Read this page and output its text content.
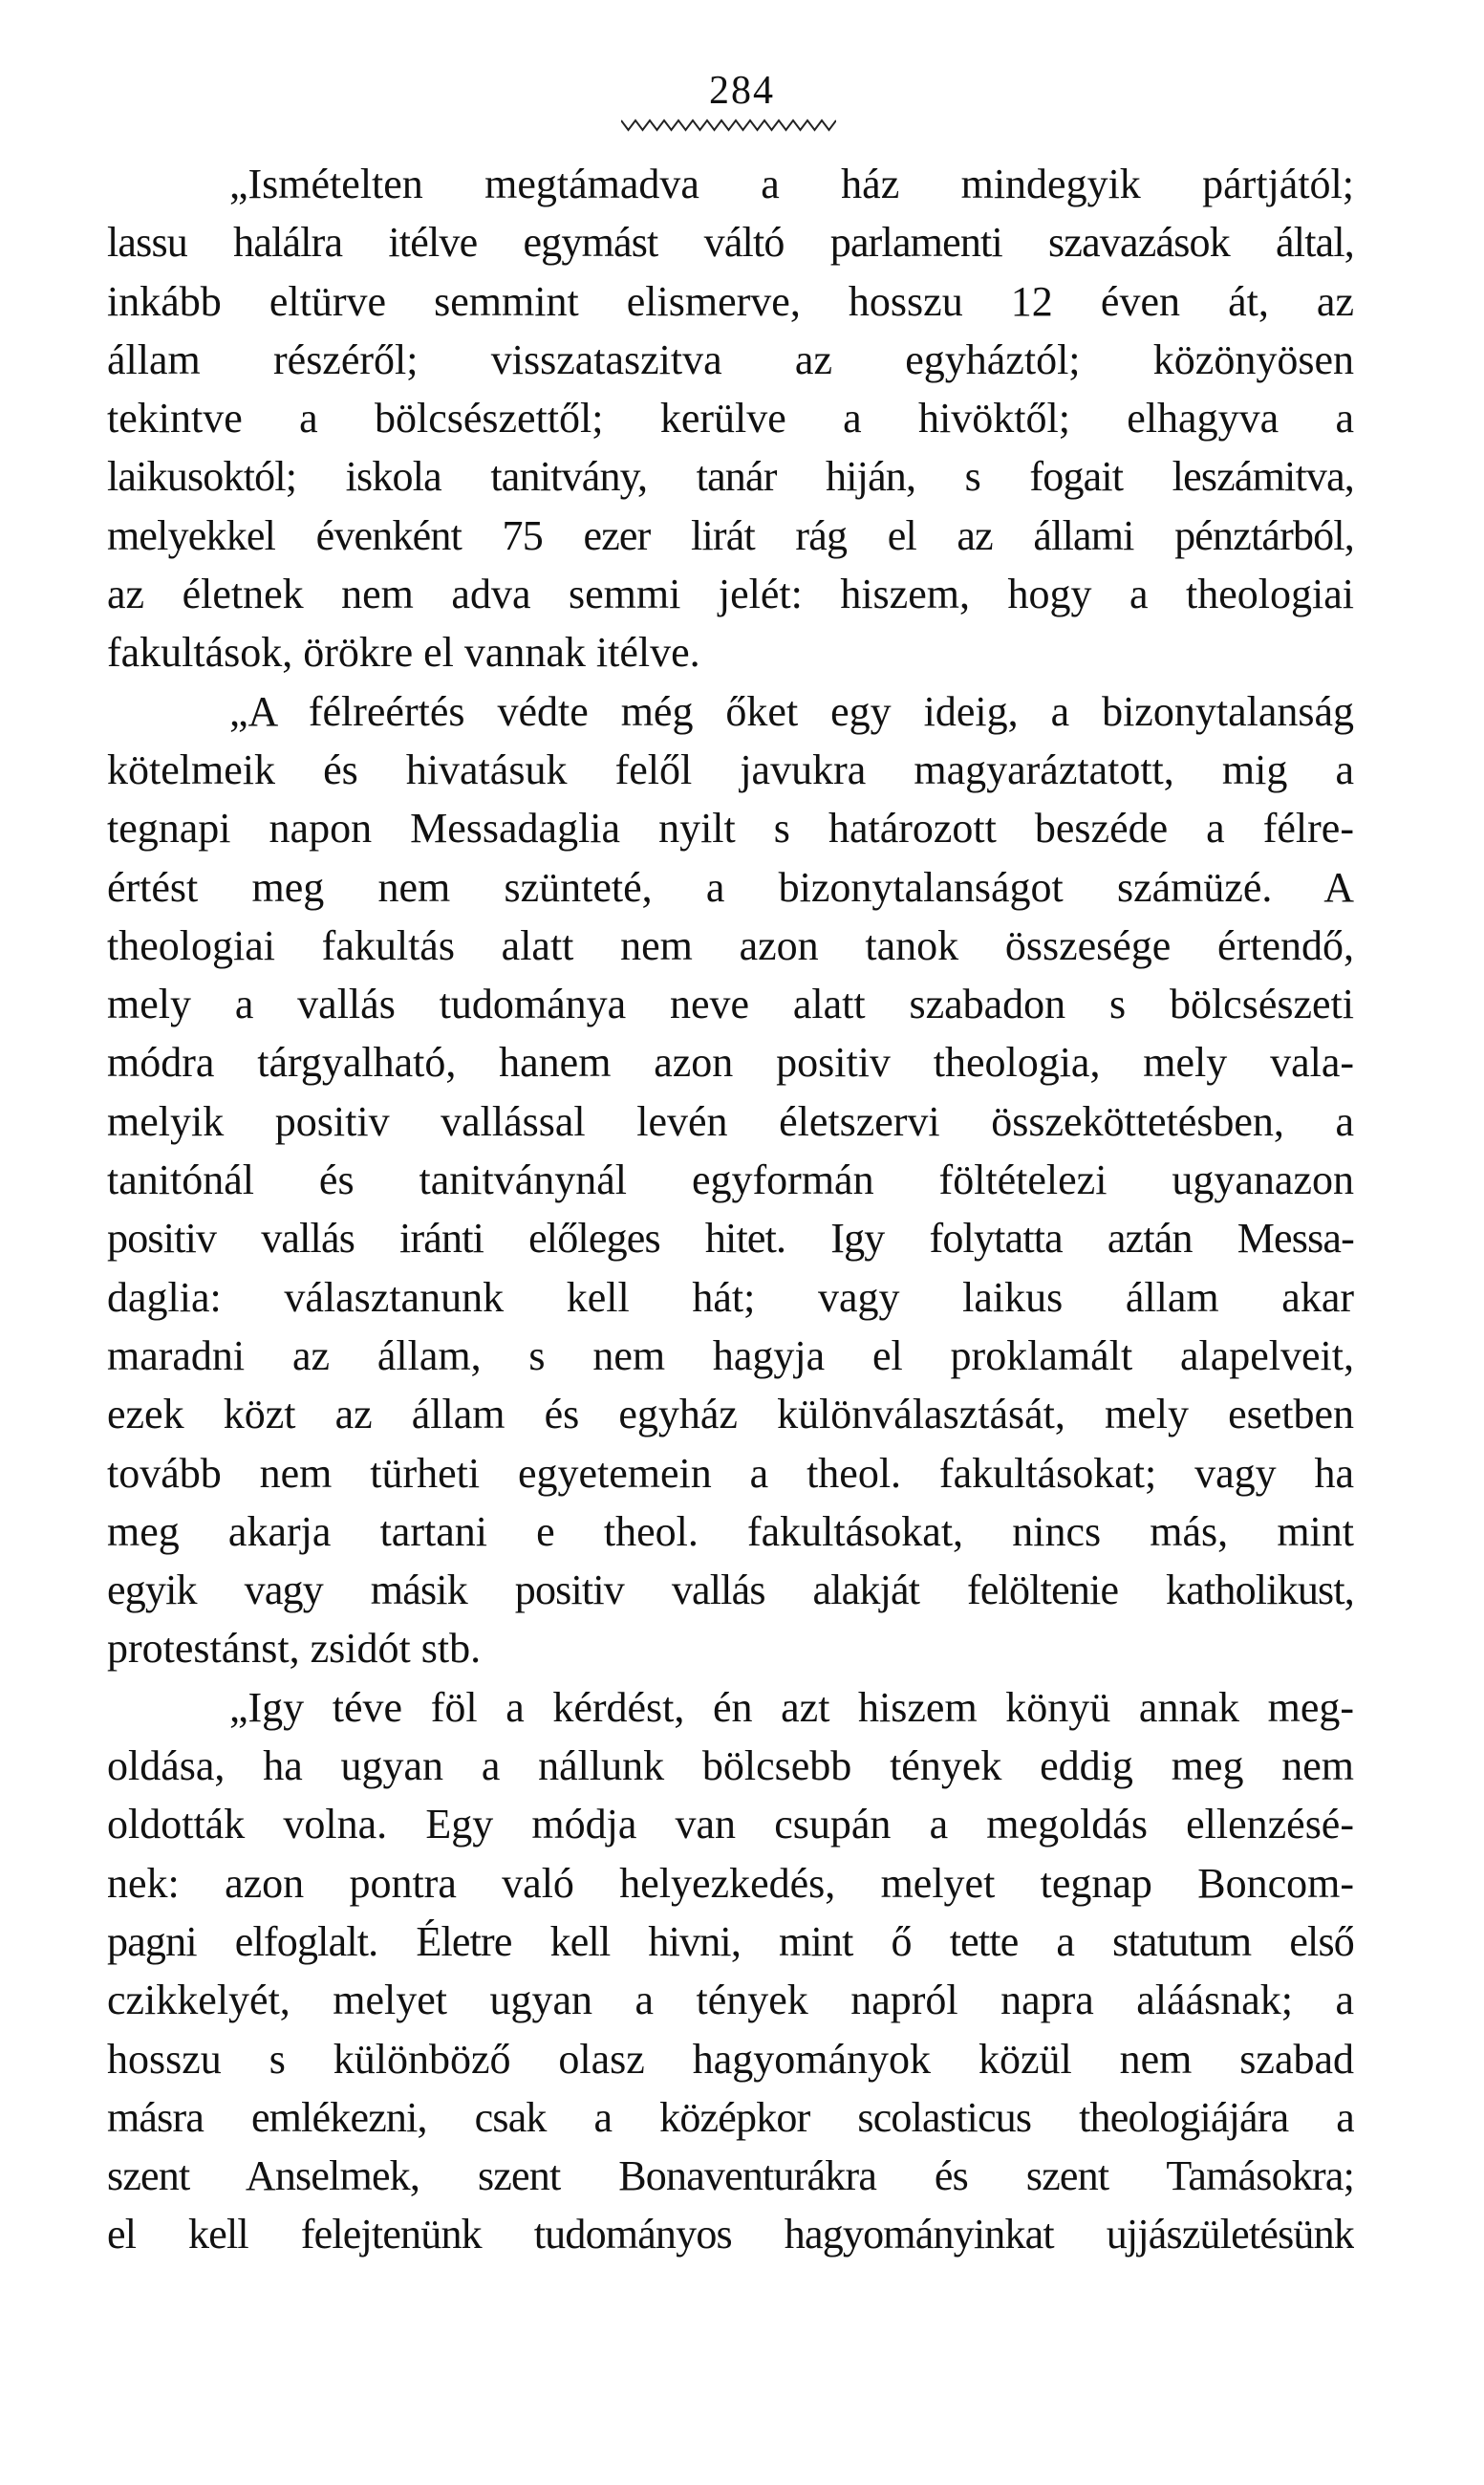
284
„Ismételten megtámadva a ház mindegyik pártjától;
lassu halálra itélve egymást váltó parlamenti szavazások által,
inkább eltürve semmint elismerve, hosszu 12 éven át, az
állam részéről; visszataszitva az egyháztól; közönyösen
tekintve a bölcsészettől; kerülve a hivöktől; elhagyva a
laikusoktól; iskola tanitvány, tanár hiján, s fogait leszámitva,
melyekkel évenként 75 ezer lirát rág el az állami pénztárból,
az életnek nem adva semmi jelét: hiszem, hogy a theologiai
fakultások, örökre el vannak itélve.
„A félreértés védte még őket egy ideig, a bizonytalanság
kötelmeik és hivatásuk felől javukra magyaráztatott, mig a
tegnapi napon Messadaglia nyilt s határozott beszéde a félre-
értést meg nem szünteté, a bizonytalanságot számüzé. A
theologiai fakultás alatt nem azon tanok összesége értendő,
mely a vallás tudománya neve alatt szabadon s bölcsészeti
módra tárgyalható, hanem azon positiv theologia, mely vala-
melyik positiv vallással levén életszervi összeköttetésben, a
tanitónál és tanitványnál egyformán föltételezi ugyanazon
positiv vallás iránti előleges hitet. Igy folytatta aztán Messa-
daglia: választanunk kell hát; vagy laikus állam akar
maradni az állam, s nem hagyja el proklamált alapelveit,
ezek közt az állam és egyház különválasztását, mely esetben
tovább nem türheti egyetemein a theol. fakultásokat; vagy ha
meg akarja tartani e theol. fakultásokat, nincs más, mint
egyik vagy másik positiv vallás alakját felöltenie katholikust,
protestánst, zsidót stb.
„Igy téve föl a kérdést, én azt hiszem könyü annak meg-
oldása, ha ugyan a nállunk bölcsebb tények eddig meg nem
oldották volna. Egy módja van csupán a megoldás ellenzésé-
nek: azon pontra való helyezkedés, melyet tegnap Boncom-
pagni elfoglalt. Életre kell hivni, mint ő tette a statutum első
czikkelyét, melyet ugyan a tények napról napra aláásnak; a
hosszu s különböző olasz hagyományok közül nem szabad
másra emlékezni, csak a középkor scolasticus theologiájára a
szent Anselmek, szent Bonaventurákra és szent Tamásokra;
el kell felejtenünk tudományos hagyományinkat ujjászületésünk
